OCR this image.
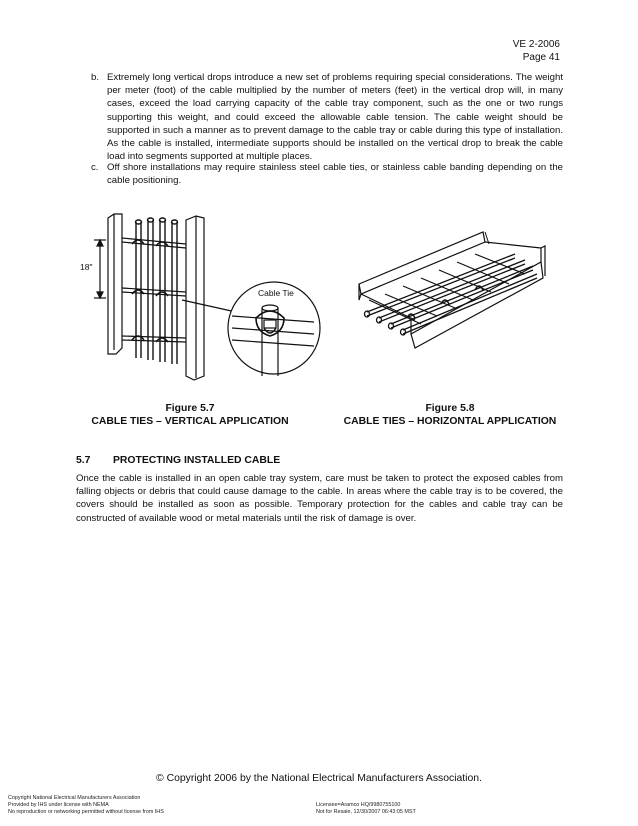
VE 2-2006
Page 41
b. Extremely long vertical drops introduce a new set of problems requiring special considerations. The weight per meter (foot) of the cable multiplied by the number of meters (feet) in the vertical drop will, in many cases, exceed the load carrying capacity of the cable tray component, such as the one or two rungs supporting this weight, and could exceed the allowable cable tension. The cable weight should be supported in such a manner as to prevent damage to the cable tray or cable during this type of installation. As the cable is installed, intermediate supports should be installed on the vertical drop to break the cable load into segments supported at multiple places.
c. Off shore installations may require stainless steel cable ties, or stainless cable banding depending on the cable positioning.
18"
Cable Tie
Figure 5.7
CABLE TIES – VERTICAL APPLICATION
Figure 5.8
CABLE TIES – HORIZONTAL APPLICATION
5.7 PROTECTING INSTALLED CABLE
Once the cable is installed in an open cable tray system, care must be taken to protect the exposed cables from falling objects or debris that could cause damage to the cable. In areas where the cable tray is to be covered, the covers should be installed as soon as possible. Temporary protection for the cables and cable tray can be constructed of available wood or metal materials until the risk of damage is over.
© Copyright 2006 by the National Electrical Manufacturers Association.
Copyright National Electrical Manufacturers Association
Provided by IHS under license with NEMA
No reproduction or networking permitted without license from IHS
Licensee=Aramco HQ/9980755100
Not for Resale, 12/30/2007 06:43:05 MST
